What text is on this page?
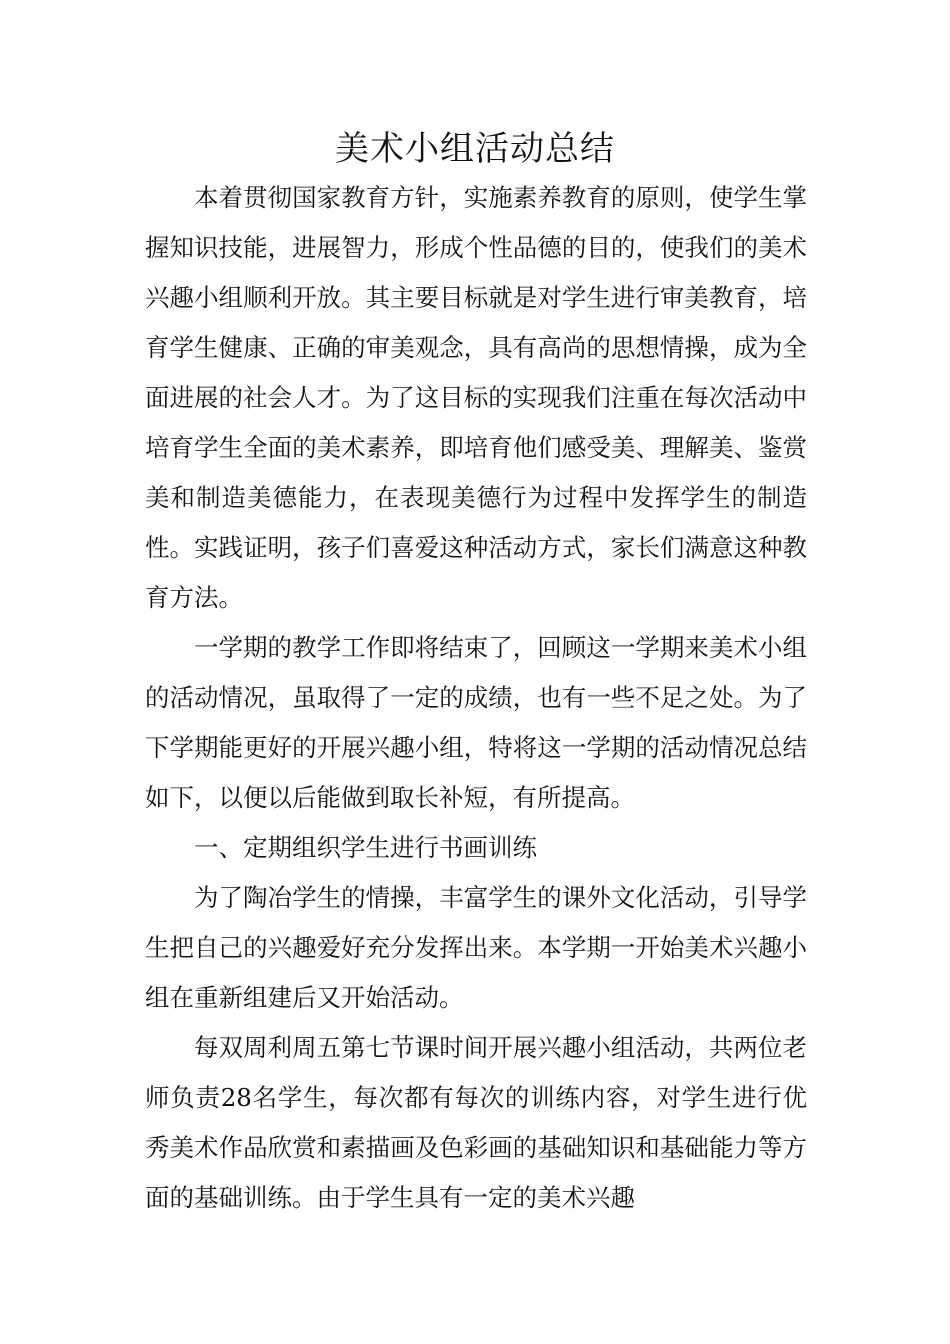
美术小组活动总结

本着贯彻国家教育方针，实施素养教育的原则，使学生掌握知识技能，进展智力，形成个性品德的目的，使我们的美术兴趣小组顺利开放。其主要目标就是对学生进行审美教育，培育学生健康、正确的审美观念，具有高尚的思想情操，成为全面进展的社会人才。为了这目标的实现我们注重在每次活动中培育学生全面的美术素养，即培育他们感受美、理解美、鉴赏美和制造美德能力，在表现美德行为过程中发挥学生的制造性。实践证明，孩子们喜爱这种活动方式，家长们满意这种教育方法。

一学期的教学工作即将结束了，回顾这一学期来美术小组的活动情况，虽取得了一定的成绩，也有一些不足之处。为了下学期能更好的开展兴趣小组，特将这一学期的活动情况总结如下，以便以后能做到取长补短，有所提高。

一、定期组织学生进行书画训练

为了陶冶学生的情操，丰富学生的课外文化活动，引导学生把自己的兴趣爱好充分发挥出来。本学期一开始美术兴趣小组在重新组建后又开始活动。

每双周利周五第七节课时间开展兴趣小组活动，共两位老师负责28名学生，每次都有每次的训练内容，对学生进行优秀美术作品欣赏和素描画及色彩画的基础知识和基础能力等方面的基础训练。由于学生具有一定的美术兴趣
